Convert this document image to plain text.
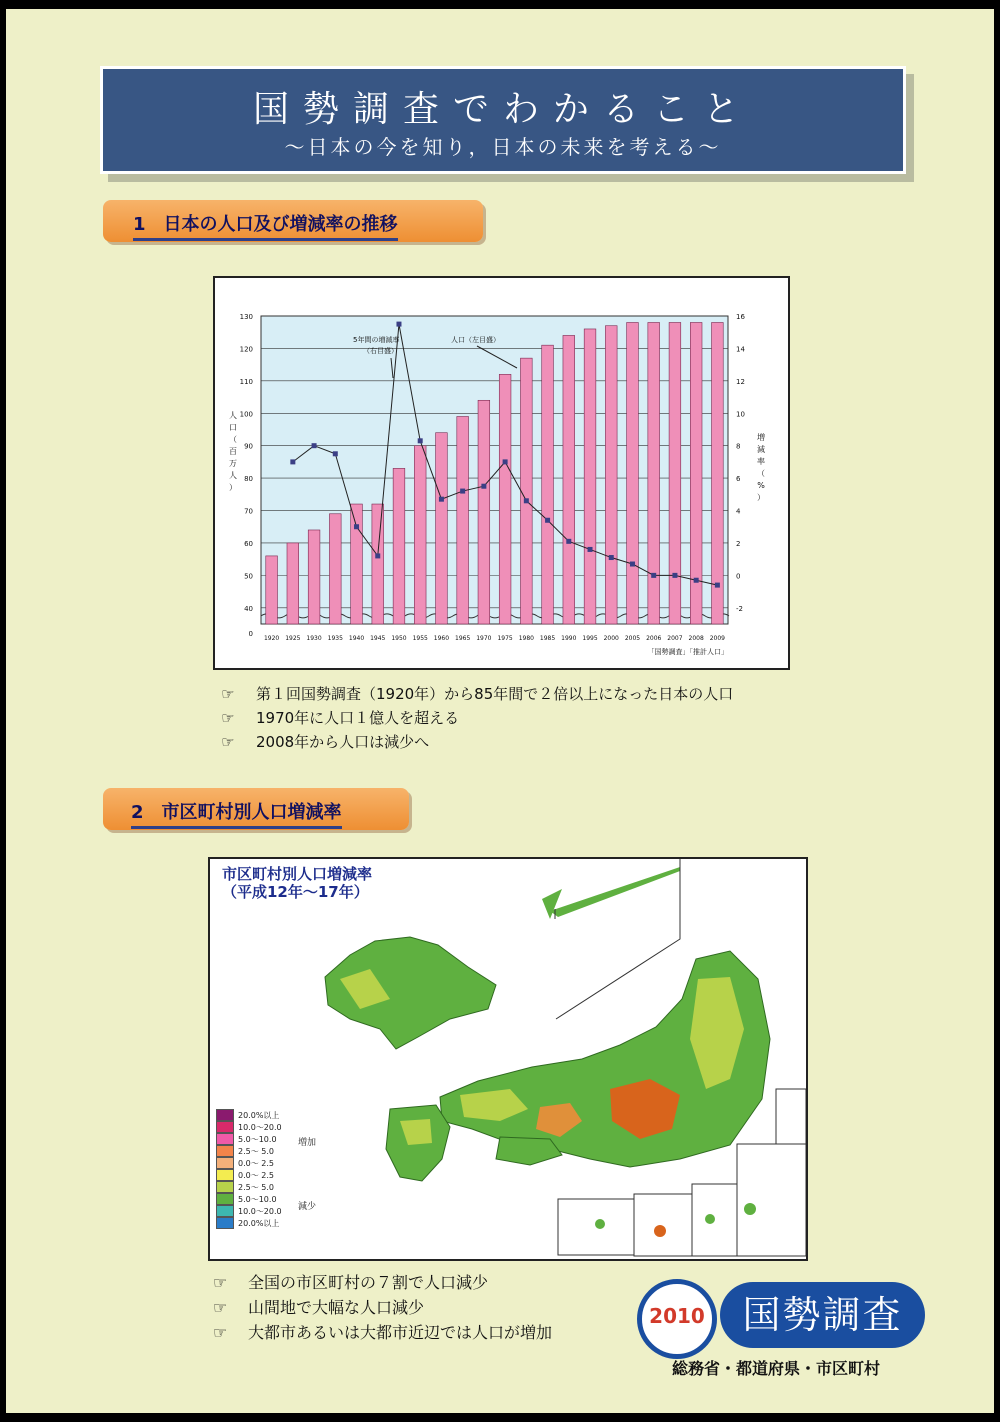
国勢調査でわかること
～日本の今を知り，日本の未来を考える～
1　日本の人口及び増減率の推移
0
40
50
60
70
80
90
100
110
120
130
-2
0
2
4
6
8
10
12
14
16
1920 1925 1930 1935 1940 1945 1950 1955 1960 1965 1970 1975 1980 1985 1990 1995 2000 2005 2006 2007 2008 2009
人
口
（
百
万
人
）
増
減
率
（
%
）
5年間の増減率
（右目盛）
人口（左目盛）
「国勢調査」「推計人口」
☞ 第１回国勢調査（1920年）から85年間で２倍以上になった日本の人口
☞ 1970年に人口１億人を超える
☞ 2008年から人口は減少へ
2　市区町村別人口増減率
市区町村別人口増減率
（平成12年～17年）
20.0%以上
10.0〜20.0
5.0〜10.0
2.5〜 5.0
0.0〜 2.5
0.0〜 2.5
2.5〜 5.0
5.0〜10.0
10.0〜20.0
20.0%以上
増加
減少
☞ 全国の市区町村の７割で人口減少
☞ 山間地で大幅な人口減少
☞ 大都市あるいは大都市近辺では人口が増加
2010 国勢調査
総務省・都道府県・市区町村
